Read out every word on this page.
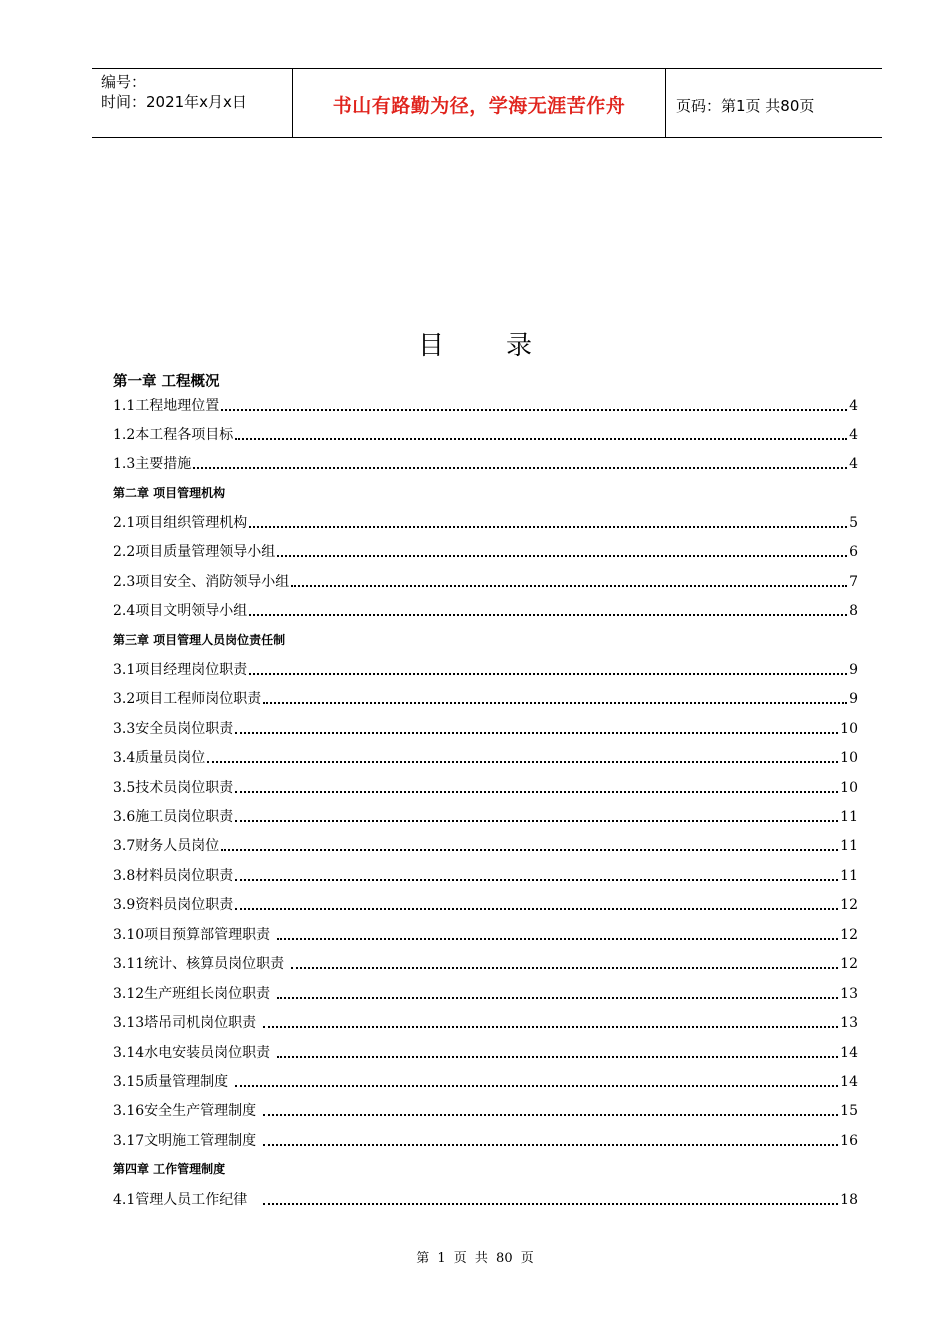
编号：
时间：2021年x月x日	书山有路勤为径，学海无涯苦作舟	页码：第1页 共80页
目录
第一章 工程概况
1.1工程地理位置	4
1.2本工程各项目标	4
1.3主要措施	4
第二章 项目管理机构
2.1项目组织管理机构	5
2.2项目质量管理领导小组	6
2.3项目安全、消防领导小组	7
2.4项目文明领导小组	8
第三章 项目管理人员岗位责任制
3.1项目经理岗位职责	9
3.2项目工程师岗位职责	9
3.3安全员岗位职责	10
3.4质量员岗位	10
3.5技术员岗位职责	10
3.6施工员岗位职责	11
3.7财务人员岗位	11
3.8材料员岗位职责	11
3.9资料员岗位职责	12
3.10项目预算部管理职责	12
3.11统计、核算员岗位职责	12
3.12生产班组长岗位职责	13
3.13塔吊司机岗位职责	13
3.14水电安装员岗位职责	14
3.15质量管理制度	14
3.16安全生产管理制度	15
3.17文明施工管理制度	16
第四章 工作管理制度
4.1管理人员工作纪律	18
第 1 页 共 80 页
